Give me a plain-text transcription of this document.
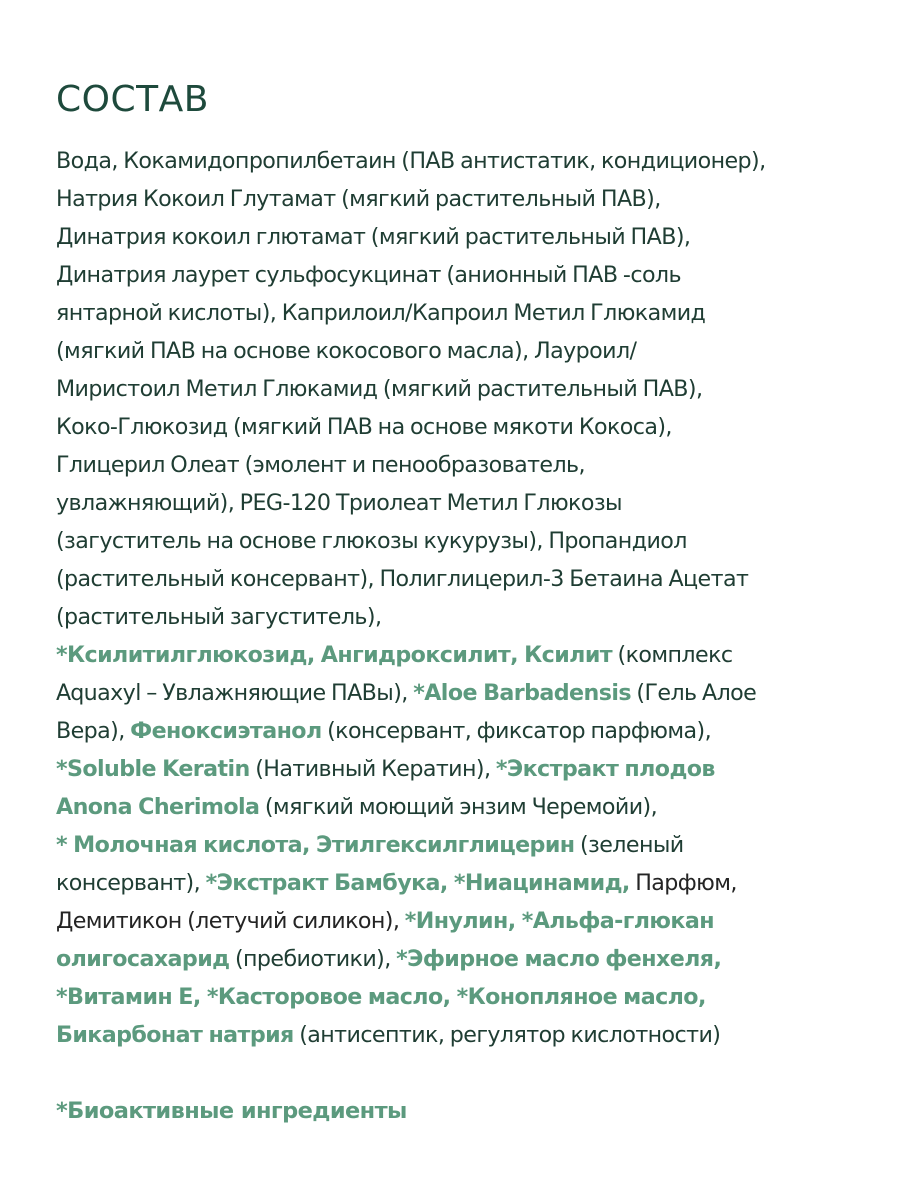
СОСТАВ
Вода, Кокамидопропилбетаин (ПАВ антистатик, кондиционер),
Натрия Кокоил Глутамат (мягкий растительный ПАВ),
Динатрия кокоил глютамат (мягкий растительный ПАВ),
Динатрия лаурет сульфосукцинат (анионный ПАВ -соль
янтарной кислоты), Каприлоил/Капроил Метил Глюкамид
(мягкий ПАВ на основе кокосового масла), Лауроил/
Миристоил Метил Глюкамид (мягкий растительный ПАВ),
Коко-Глюкозид (мягкий ПАВ на основе мякоти Кокоса),
Глицерил Олеат (эмолент и пенообразователь,
увлажняющий), PEG-120 Триолеат Метил Глюкозы
(загуститель на основе глюкозы кукурузы), Пропандиол
(растительный консервант), Полиглицерил-3 Бетаина Ацетат
(растительный загуститель),
*Ксилитилглюкозид, Ангидроксилит, Ксилит (комплекс
Aquaxyl – Увлажняющие ПАВы), *Aloe Barbadensis (Гель Алое
Вера), Феноксиэтанол (консервант, фиксатор парфюма),
*Soluble Keratin (Нативный Кератин), *Экстракт плодов
Anona Cherimola (мягкий моющий энзим Черемойи),
* Молочная кислота, Этилгексилглицерин (зеленый
консервант), *Экстракт Бамбука, *Ниацинамид, Парфюм,
Демитикон (летучий силикон), *Инулин, *Альфа-глюкан
олигосахарид (пребиотики), *Эфирное масло фенхеля,
*Витамин Е, *Касторовое масло, *Конопляное масло,
Бикарбонат натрия (антисептик, регулятор кислотности)

*Биоактивные ингредиенты
